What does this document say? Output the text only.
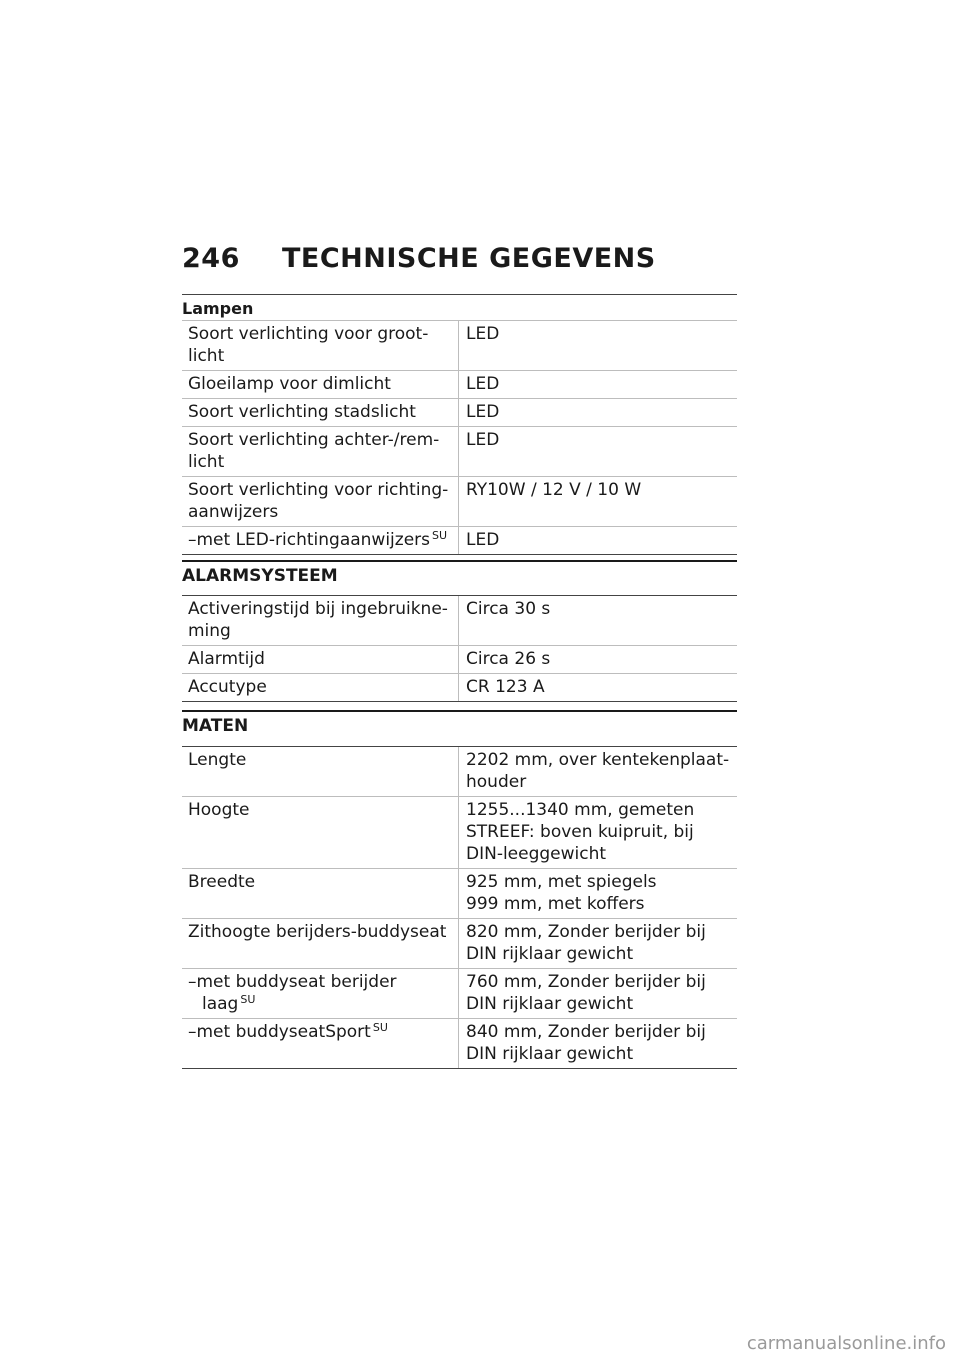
246 TECHNISCHE GEGEVENS
Lampen
Soort verlichting voor groot-
licht	LED
Gloeilamp voor dimlicht	LED
Soort verlichting stadslicht	LED
Soort verlichting achter-/rem-
licht	LED
Soort verlichting voor richting-
aanwijzers	RY10W / 12 V / 10 W
–met LED-richtingaanwijzers $^{SU}$	LED
ALARMSYSTEEM
Activeringstijd bij ingebruikne-
ming	Circa 30 s
Alarmtijd	Circa 26 s
Accutype	CR 123 A
MATEN
Lengte	2202 mm, over kentekenplaat-
houder
Hoogte	1255...1340 mm, gemeten
STREEF: boven kuipruit, bij
DIN-leeggewicht
Breedte	925 mm, met spiegels
999 mm, met koffers
Zithoogte berijders-buddyseat	820 mm, Zonder berijder bij
DIN rijklaar gewicht
–met buddyseat berijder
laag $^{SU}$	760 mm, Zonder berijder bij
DIN rijklaar gewicht
–met buddyseatSport $^{SU}$	840 mm, Zonder berijder bij
DIN rijklaar gewicht
carmanualsonline.info
